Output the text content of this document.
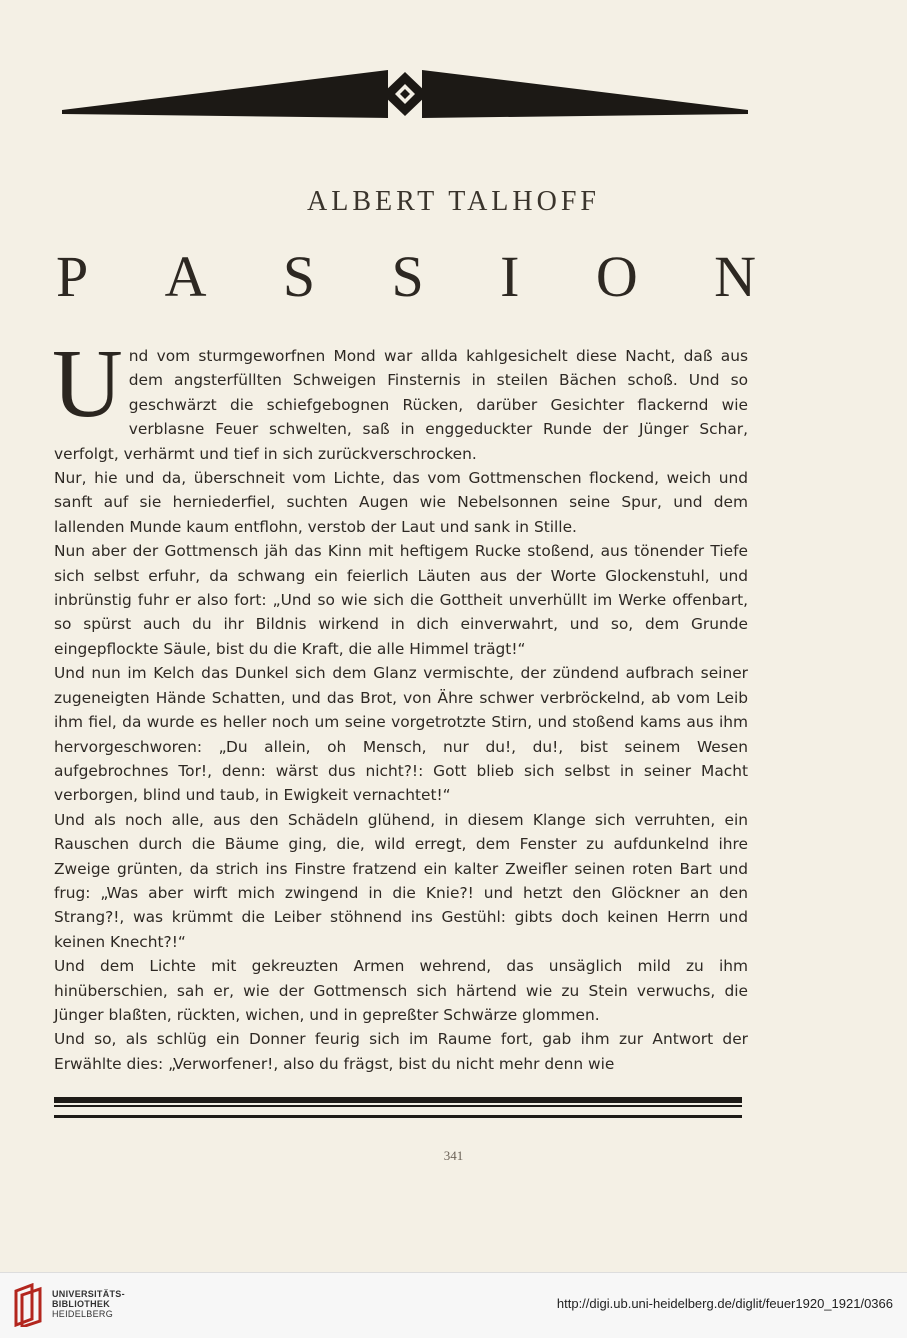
ALBERT TALHOFF
P A S S I O N

Und vom sturmgeworfnen Mond war allda kahlgesichelt diese Nacht, daß aus dem angsterfüllten Schweigen Finsternis in steilen Bächen schoß. Und so geschwärzt die schiefgebognen Rücken, darüber Gesichter flackernd wie verblasne Feuer schwelten, saß in enggeduckter Runde der Jünger Schar, verfolgt, verhärmt und tief in sich zurückverschrocken.

Nur, hie und da, überschneit vom Lichte, das vom Gottmenschen flockend, weich und sanft auf sie herniederfiel, suchten Augen wie Nebelsonnen seine Spur, und dem lallenden Munde kaum entflohn, verstob der Laut und sank in Stille.

Nun aber der Gottmensch jäh das Kinn mit heftigem Rucke stoßend, aus tönender Tiefe sich selbst erfuhr, da schwang ein feierlich Läuten aus der Worte Glockenstuhl, und inbrünstig fuhr er also fort: „Und so wie sich die Gottheit unverhüllt im Werke offenbart, so spürst auch du ihr Bildnis wirkend in dich einverwahrt, und so, dem Grunde eingepflockte Säule, bist du die Kraft, die alle Himmel trägt!“

Und nun im Kelch das Dunkel sich dem Glanz vermischte, der zündend aufbrach seiner zugeneigten Hände Schatten, und das Brot, von Ähre schwer verbröckelnd, ab vom Leib ihm fiel, da wurde es heller noch um seine vorgetrotzte Stirn, und stoßend kams aus ihm hervorgeschworen: „Du allein, oh Mensch, nur du!, du!, bist seinem Wesen aufgebrochnes Tor!, denn: wärst dus nicht?!: Gott blieb sich selbst in seiner Macht verborgen, blind und taub, in Ewigkeit vernachtet!“

Und als noch alle, aus den Schädeln glühend, in diesem Klange sich verruhten, ein Rauschen durch die Bäume ging, die, wild erregt, dem Fenster zu aufdunkelnd ihre Zweige grünten, da strich ins Finstre fratzend ein kalter Zweifler seinen roten Bart und frug: „Was aber wirft mich zwingend in die Knie?! und hetzt den Glöckner an den Strang?!, was krümmt die Leiber stöhnend ins Gestühl: gibts doch keinen Herrn und keinen Knecht?!“

Und dem Lichte mit gekreuzten Armen wehrend, das unsäglich mild zu ihm hinüberschien, sah er, wie der Gottmensch sich härtend wie zu Stein verwuchs, die Jünger blaßten, rückten, wichen, und in gepreßter Schwärze glommen.

Und so, als schlüg ein Donner feurig sich im Raume fort, gab ihm zur Antwort der Erwählte dies: „Verworfener!, also du frägst, bist du nicht mehr denn wie

341
UNIVERSITÄTS-
BIBLIOTHEK
HEIDELBERG
http://digi.ub.uni-heidelberg.de/diglit/feuer1920_1921/0366
